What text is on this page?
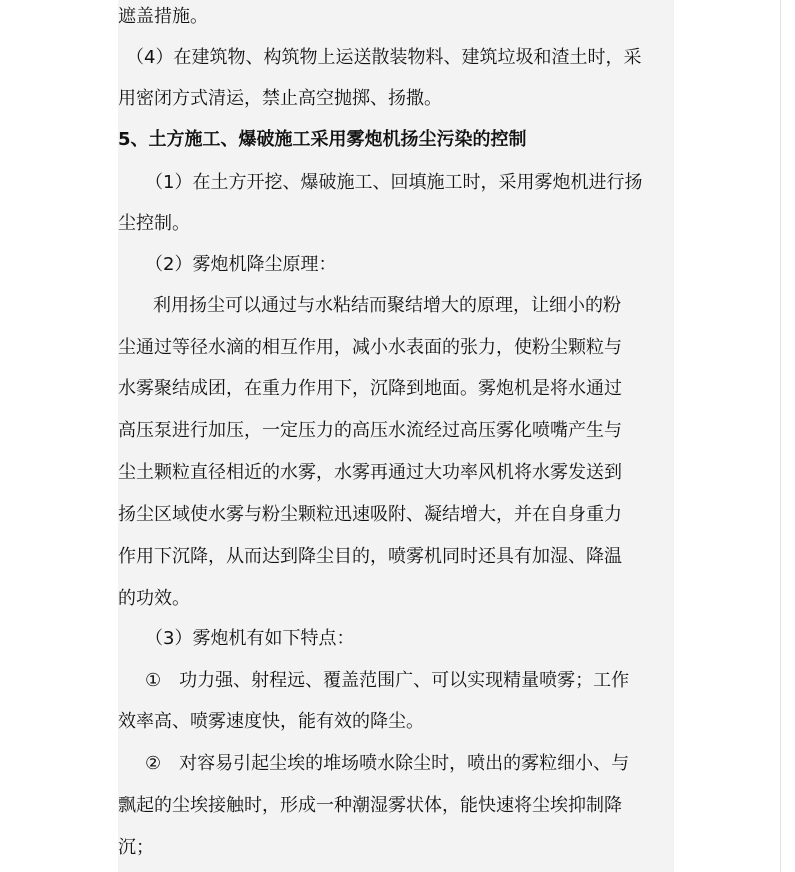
遮盖措施。
（4）在建筑物、构筑物上运送散装物料、建筑垃圾和渣土时，采
用密闭方式清运，禁止高空抛掷、扬撒。
5、土方施工、爆破施工采用雾炮机扬尘污染的控制
（1）在土方开挖、爆破施工、回填施工时，采用雾炮机进行扬
尘控制。
（2）雾炮机降尘原理：
利用扬尘可以通过与水粘结而聚结增大的原理，让细小的粉
尘通过等径水滴的相互作用，减小水表面的张力，使粉尘颗粒与
水雾聚结成团，在重力作用下，沉降到地面。雾炮机是将水通过
高压泵进行加压，一定压力的高压水流经过高压雾化喷嘴产生与
尘土颗粒直径相近的水雾，水雾再通过大功率风机将水雾发送到
扬尘区域使水雾与粉尘颗粒迅速吸附、凝结增大，并在自身重力
作用下沉降，从而达到降尘目的，喷雾机同时还具有加湿、降温
的功效。
（3）雾炮机有如下特点：
①　功力强、射程远、覆盖范围广、可以实现精量喷雾；工作
效率高、喷雾速度快，能有效的降尘。
②　对容易引起尘埃的堆场喷水除尘时，喷出的雾粒细小、与
飘起的尘埃接触时，形成一种潮湿雾状体，能快速将尘埃抑制降
沉；
